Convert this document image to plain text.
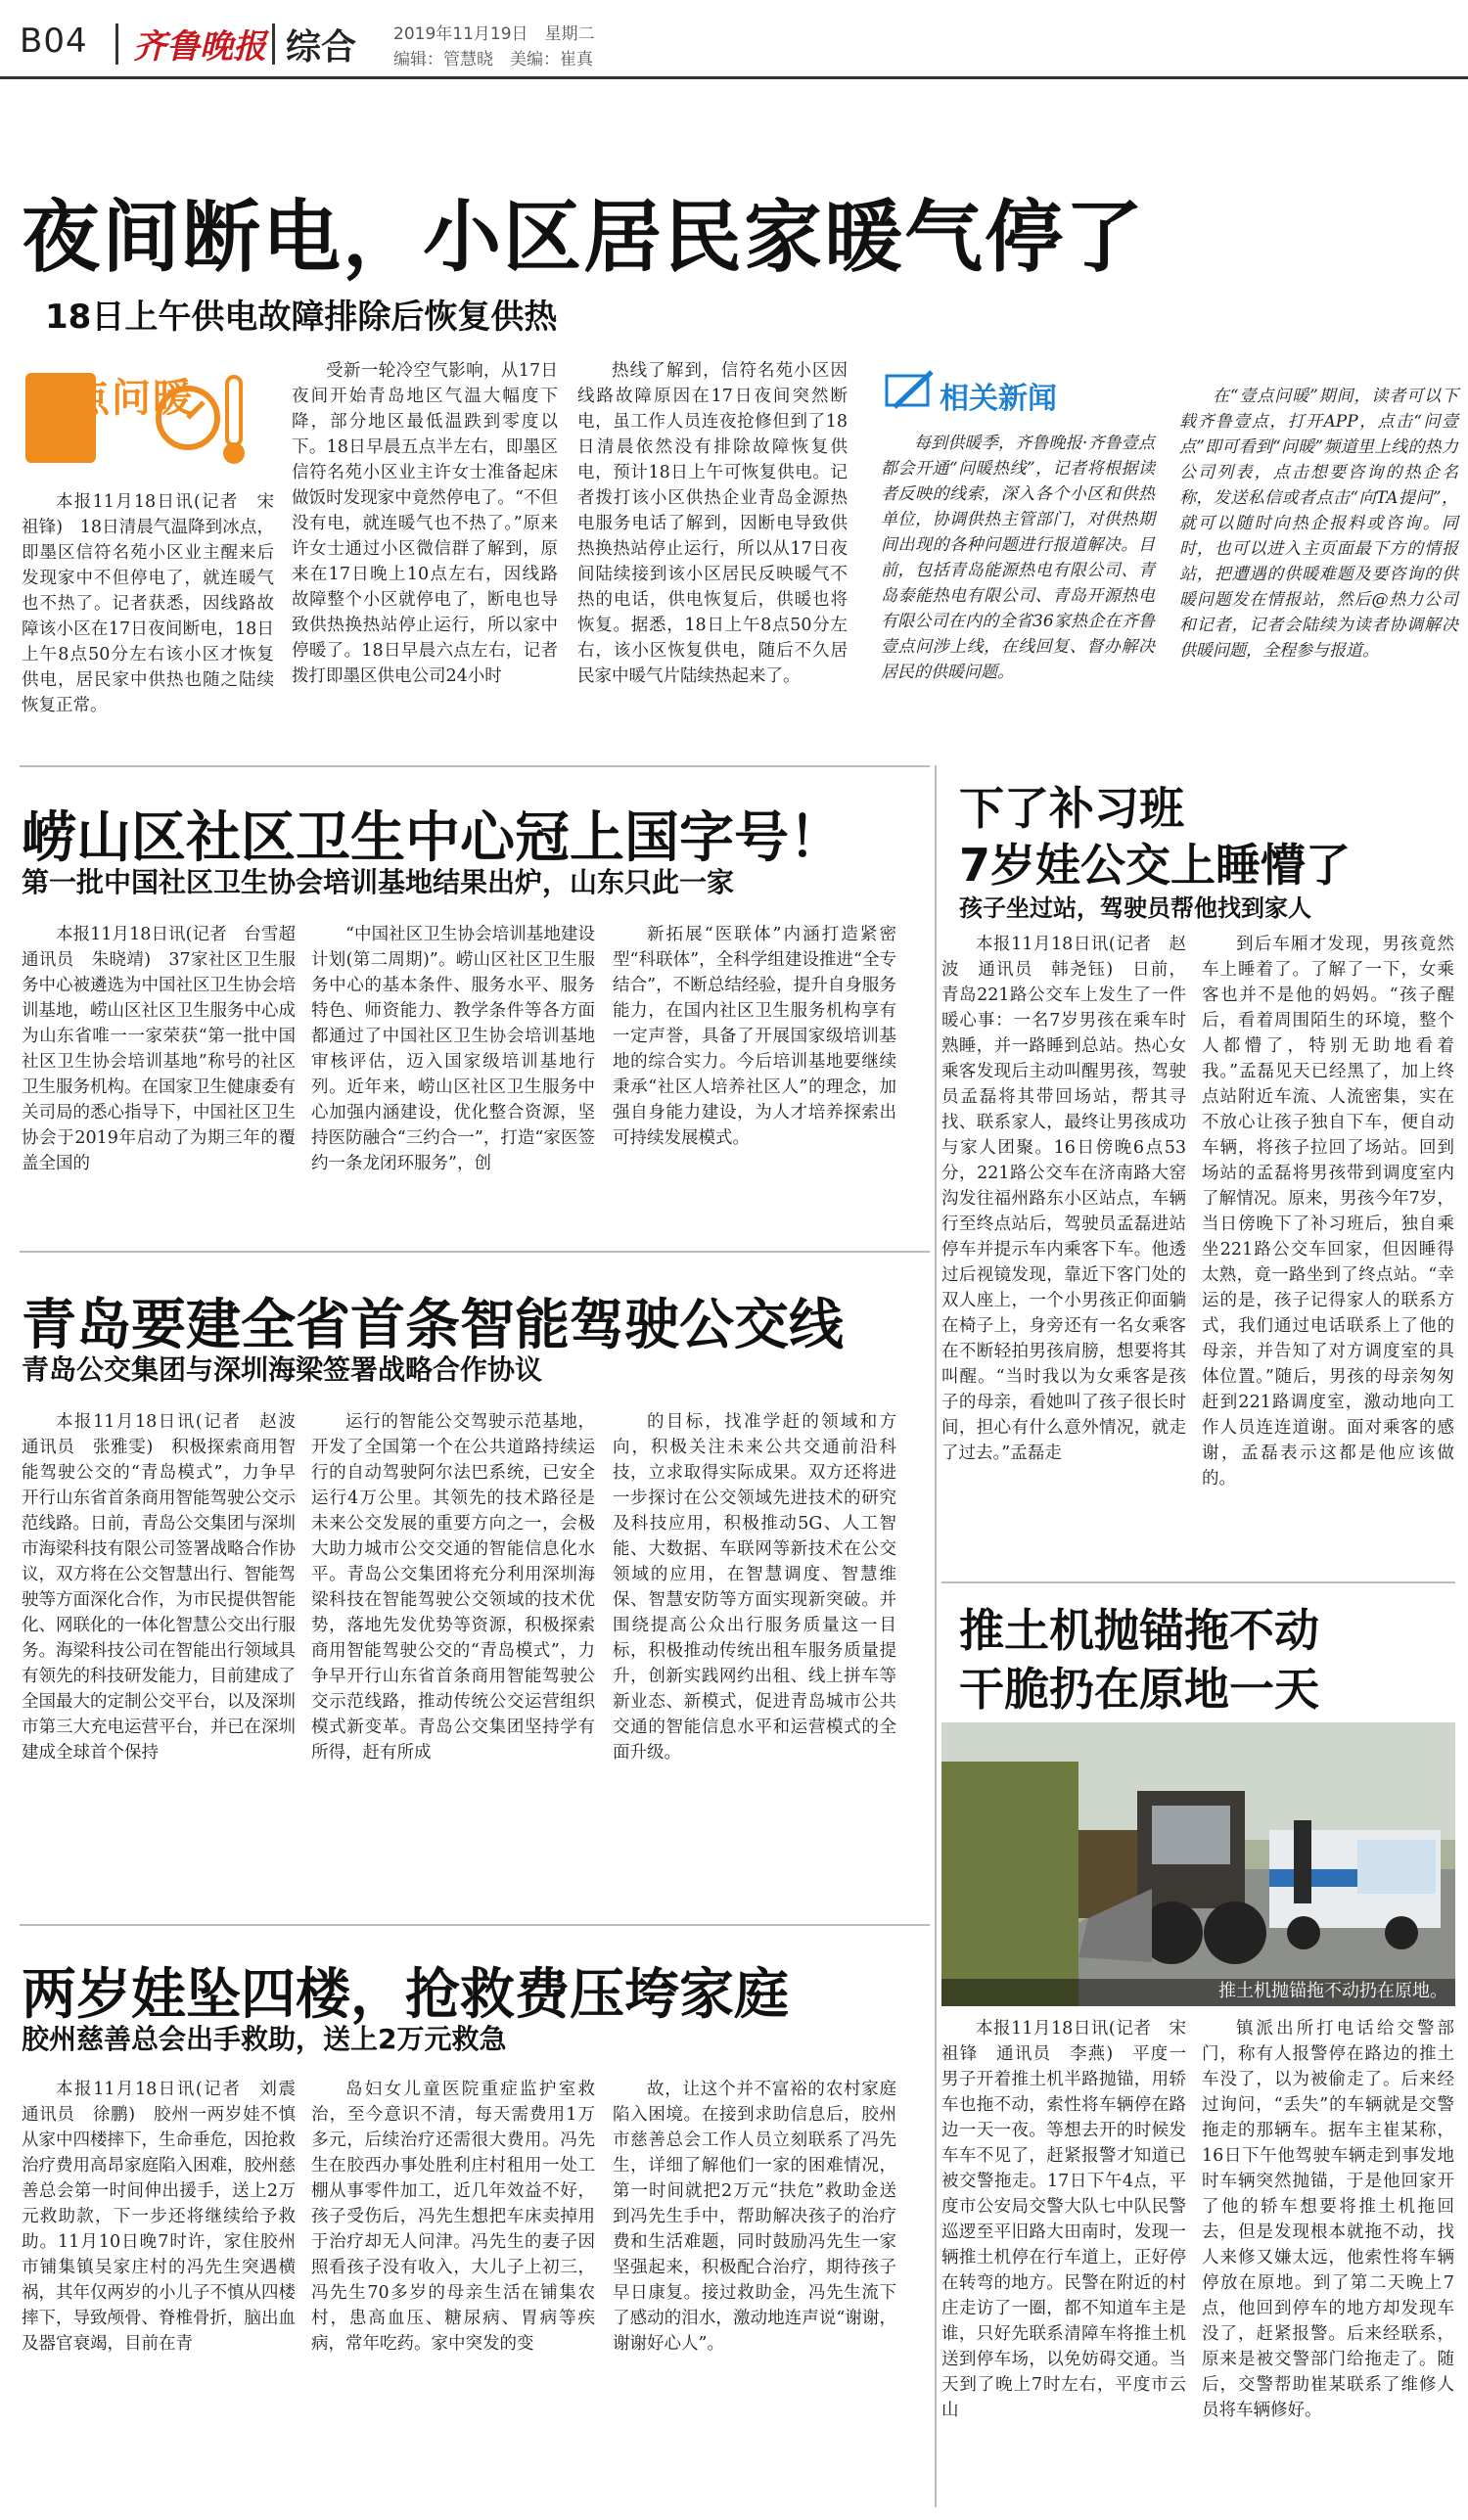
B04 齐鲁晚报 综合 2019年11月19日　星期二
编辑：管慧晓　美编：崔真
夜间断电，小区居民家暖气停了
18日上午供电故障排除后恢复供热
壹点问暖

本报11月18日讯(记者　宋祖锋)　18日清晨气温降到冰点，即墨区信符名苑小区业主醒来后发现家中不但停电了，就连暖气也不热了。记者获悉，因线路故障该小区在17日夜间断电，18日上午8点50分左右该小区才恢复供电，居民家中供热也随之陆续恢复正常。

受新一轮冷空气影响，从17日夜间开始青岛地区气温大幅度下降，部分地区最低温跌到零度以下。18日早晨五点半左右，即墨区信符名苑小区业主许女士准备起床做饭时发现家中竟然停电了。“不但没有电，就连暖气也不热了。”原来许女士通过小区微信群了解到，原来在17日晚上10点左右，因线路故障整个小区就停电了，断电也导致供热换热站停止运行，所以家中停暖了。18日早晨六点左右，记者拨打即墨区供电公司24小时

热线了解到，信符名苑小区因线路故障原因在17日夜间突然断电，虽工作人员连夜抢修但到了18日清晨依然没有排除故障恢复供电，预计18日上午可恢复供电。记者拨打该小区供热企业青岛金源热电服务电话了解到，因断电导致供热换热站停止运行，所以从17日夜间陆续接到该小区居民反映暖气不热的电话，供电恢复后，供暖也将恢复。据悉，18日上午8点50分左右，该小区恢复供电，随后不久居民家中暖气片陆续热起来了。

相关新闻

每到供暖季，齐鲁晚报·齐鲁壹点都会开通“问暖热线”，记者将根据读者反映的线索，深入各个小区和供热单位，协调供热主管部门，对供热期间出现的各种问题进行报道解决。目前，包括青岛能源热电有限公司、青岛泰能热电有限公司、青岛开源热电有限公司在内的全省36家热企在齐鲁壹点问涉上线，在线回复、督办解决居民的供暖问题。

在“壹点问暖”期间，读者可以下载齐鲁壹点，打开APP，点击“问壹点”即可看到“问暖”频道里上线的热力公司列表，点击想要咨询的热企名称，发送私信或者点击“向TA提问”，就可以随时向热企报料或咨询。同时，也可以进入主页面最下方的情报站，把遭遇的供暖难题及要咨询的供暖问题发在情报站，然后@热力公司和记者，记者会陆续为读者协调解决供暖问题，全程参与报道。

崂山区社区卫生中心冠上国字号！
第一批中国社区卫生协会培训基地结果出炉，山东只此一家

本报11月18日讯(记者　台雪超　通讯员　朱晓靖)　37家社区卫生服务中心被遴选为中国社区卫生协会培训基地，崂山区社区卫生服务中心成为山东省唯一一家荣获“第一批中国社区卫生协会培训基地”称号的社区卫生服务机构。在国家卫生健康委有关司局的悉心指导下，中国社区卫生协会于2019年启动了为期三年的覆盖全国的

“中国社区卫生协会培训基地建设计划(第二周期)”。崂山区社区卫生服务中心的基本条件、服务水平、服务特色、师资能力、教学条件等各方面都通过了中国社区卫生协会培训基地审核评估，迈入国家级培训基地行列。近年来，崂山区社区卫生服务中心加强内涵建设，优化整合资源，坚持医防融合“三约合一”，打造“家医签约一条龙闭环服务”，创

新拓展“医联体”内涵打造紧密型“科联体”，全科学组建设推进“全专结合”，不断总结经验，提升自身服务能力，在国内社区卫生服务机构享有一定声誉，具备了开展国家级培训基地的综合实力。今后培训基地要继续秉承“社区人培养社区人”的理念，加强自身能力建设，为人才培养探索出可持续发展模式。

青岛要建全省首条智能驾驶公交线
青岛公交集团与深圳海梁签署战略合作协议

本报11月18日讯(记者　赵波　通讯员　张雅雯)　积极探索商用智能驾驶公交的“青岛模式”，力争早开行山东省首条商用智能驾驶公交示范线路。日前，青岛公交集团与深圳市海梁科技有限公司签署战略合作协议，双方将在公交智慧出行、智能驾驶等方面深化合作，为市民提供智能化、网联化的一体化智慧公交出行服务。海梁科技公司在智能出行领域具有领先的科技研发能力，目前建成了全国最大的定制公交平台，以及深圳市第三大充电运营平台，并已在深圳建成全球首个保持

运行的智能公交驾驶示范基地，开发了全国第一个在公共道路持续运行的自动驾驶阿尔法巴系统，已安全运行4万公里。其领先的技术路径是未来公交发展的重要方向之一，会极大助力城市公交交通的智能信息化水平。青岛公交集团将充分利用深圳海梁科技在智能驾驶公交领域的技术优势，落地先发优势等资源，积极探索商用智能驾驶公交的“青岛模式”，力争早开行山东省首条商用智能驾驶公交示范线路，推动传统公交运营组织模式新变革。青岛公交集团坚持学有所得，赶有所成

的目标，找准学赶的领域和方向，积极关注未来公共交通前沿科技，立求取得实际成果。双方还将进一步探讨在公交领域先进技术的研究及科技应用，积极推动5G、人工智能、大数据、车联网等新技术在公交领域的应用，在智慧调度、智慧维保、智慧安防等方面实现新突破。并围绕提高公众出行服务质量这一目标，积极推动传统出租车服务质量提升，创新实践网约出租、线上拼车等新业态、新模式，促进青岛城市公共交通的智能信息水平和运营模式的全面升级。

两岁娃坠四楼，抢救费压垮家庭
胶州慈善总会出手救助，送上2万元救急

本报11月18日讯(记者　刘震　通讯员　徐鹏)　胶州一两岁娃不慎从家中四楼摔下，生命垂危，因抢救治疗费用高昂家庭陷入困难，胶州慈善总会第一时间伸出援手，送上2万元救助款，下一步还将继续给予救助。11月10日晚7时许，家住胶州市铺集镇吴家庄村的冯先生突遇横祸，其年仅两岁的小儿子不慎从四楼摔下，导致颅骨、脊椎骨折，脑出血及器官衰竭，目前在青

岛妇女儿童医院重症监护室救治，至今意识不清，每天需费用1万多元，后续治疗还需很大费用。冯先生在胶西办事处胜利庄村租用一处工棚从事零件加工，近几年效益不好，孩子受伤后，冯先生想把车床卖掉用于治疗却无人问津。冯先生的妻子因照看孩子没有收入，大儿子上初三，冯先生70多岁的母亲生活在铺集农村，患高血压、糖尿病、胃病等疾病，常年吃药。家中突发的变

故，让这个并不富裕的农村家庭陷入困境。在接到求助信息后，胶州市慈善总会工作人员立刻联系了冯先生，详细了解他们一家的困难情况，第一时间就把2万元“扶危”救助金送到冯先生手中，帮助解决孩子的治疗费和生活难题，同时鼓励冯先生一家坚强起来，积极配合治疗，期待孩子早日康复。接过救助金，冯先生流下了感动的泪水，激动地连声说“谢谢，谢谢好心人”。

下了补习班
7岁娃公交上睡懵了
孩子坐过站，驾驶员帮他找到家人

本报11月18日讯(记者　赵波　通讯员　韩尧钰)　日前，青岛221路公交车上发生了一件暖心事：一名7岁男孩在乘车时熟睡，并一路睡到总站。热心女乘客发现后主动叫醒男孩，驾驶员孟磊将其带回场站，帮其寻找、联系家人，最终让男孩成功与家人团聚。16日傍晚6点53分，221路公交车在济南路大窑沟发往福州路东小区站点，车辆行至终点站后，驾驶员孟磊进站停车并提示车内乘客下车。他透过后视镜发现，靠近下客门处的双人座上，一个小男孩正仰面躺在椅子上，身旁还有一名女乘客在不断轻拍男孩肩膀，想要将其叫醒。“当时我以为女乘客是孩子的母亲，看她叫了孩子很长时间，担心有什么意外情况，就走了过去。”孟磊走

到后车厢才发现，男孩竟然车上睡着了。了解了一下，女乘客也并不是他的妈妈。“孩子醒后，看着周围陌生的环境，整个人都懵了，特别无助地看着我。”孟磊见天已经黑了，加上终点站附近车流、人流密集，实在不放心让孩子独自下车，便自动车辆，将孩子拉回了场站。回到场站的孟磊将男孩带到调度室内了解情况。原来，男孩今年7岁，当日傍晚下了补习班后，独自乘坐221路公交车回家，但因睡得太熟，竟一路坐到了终点站。“幸运的是，孩子记得家人的联系方式，我们通过电话联系上了他的母亲，并告知了对方调度室的具体位置。”随后，男孩的母亲匆匆赶到221路调度室，激动地向工作人员连连道谢。面对乘客的感谢，孟磊表示这都是他应该做的。

推土机抛锚拖不动
干脆扔在原地一天
推土机抛锚拖不动扔在原地。

本报11月18日讯(记者　宋祖锋　通讯员　李燕)　平度一男子开着推土机半路抛锚，用轿车也拖不动，索性将车辆停在路边一天一夜。等想去开的时候发车车不见了，赶紧报警才知道已被交警拖走。17日下午4点，平度市公安局交警大队七中队民警巡逻至平旧路大田南时，发现一辆推土机停在行车道上，正好停在转弯的地方。民警在附近的村庄走访了一圈，都不知道车主是谁，只好先联系清障车将推土机送到停车场，以免妨碍交通。当天到了晚上7时左右，平度市云山

镇派出所打电话给交警部门，称有人报警停在路边的推土车没了，以为被偷走了。后来经过询问，“丢失”的车辆就是交警拖走的那辆车。据车主崔某称，16日下午他驾驶车辆走到事发地时车辆突然抛锚，于是他回家开了他的轿车想要将推土机拖回去，但是发现根本就拖不动，找人来修又嫌太远，他索性将车辆停放在原地。到了第二天晚上7点，他回到停车的地方却发现车没了，赶紧报警。后来经联系，原来是被交警部门给拖走了。随后，交警帮助崔某联系了维修人员将车辆修好。
